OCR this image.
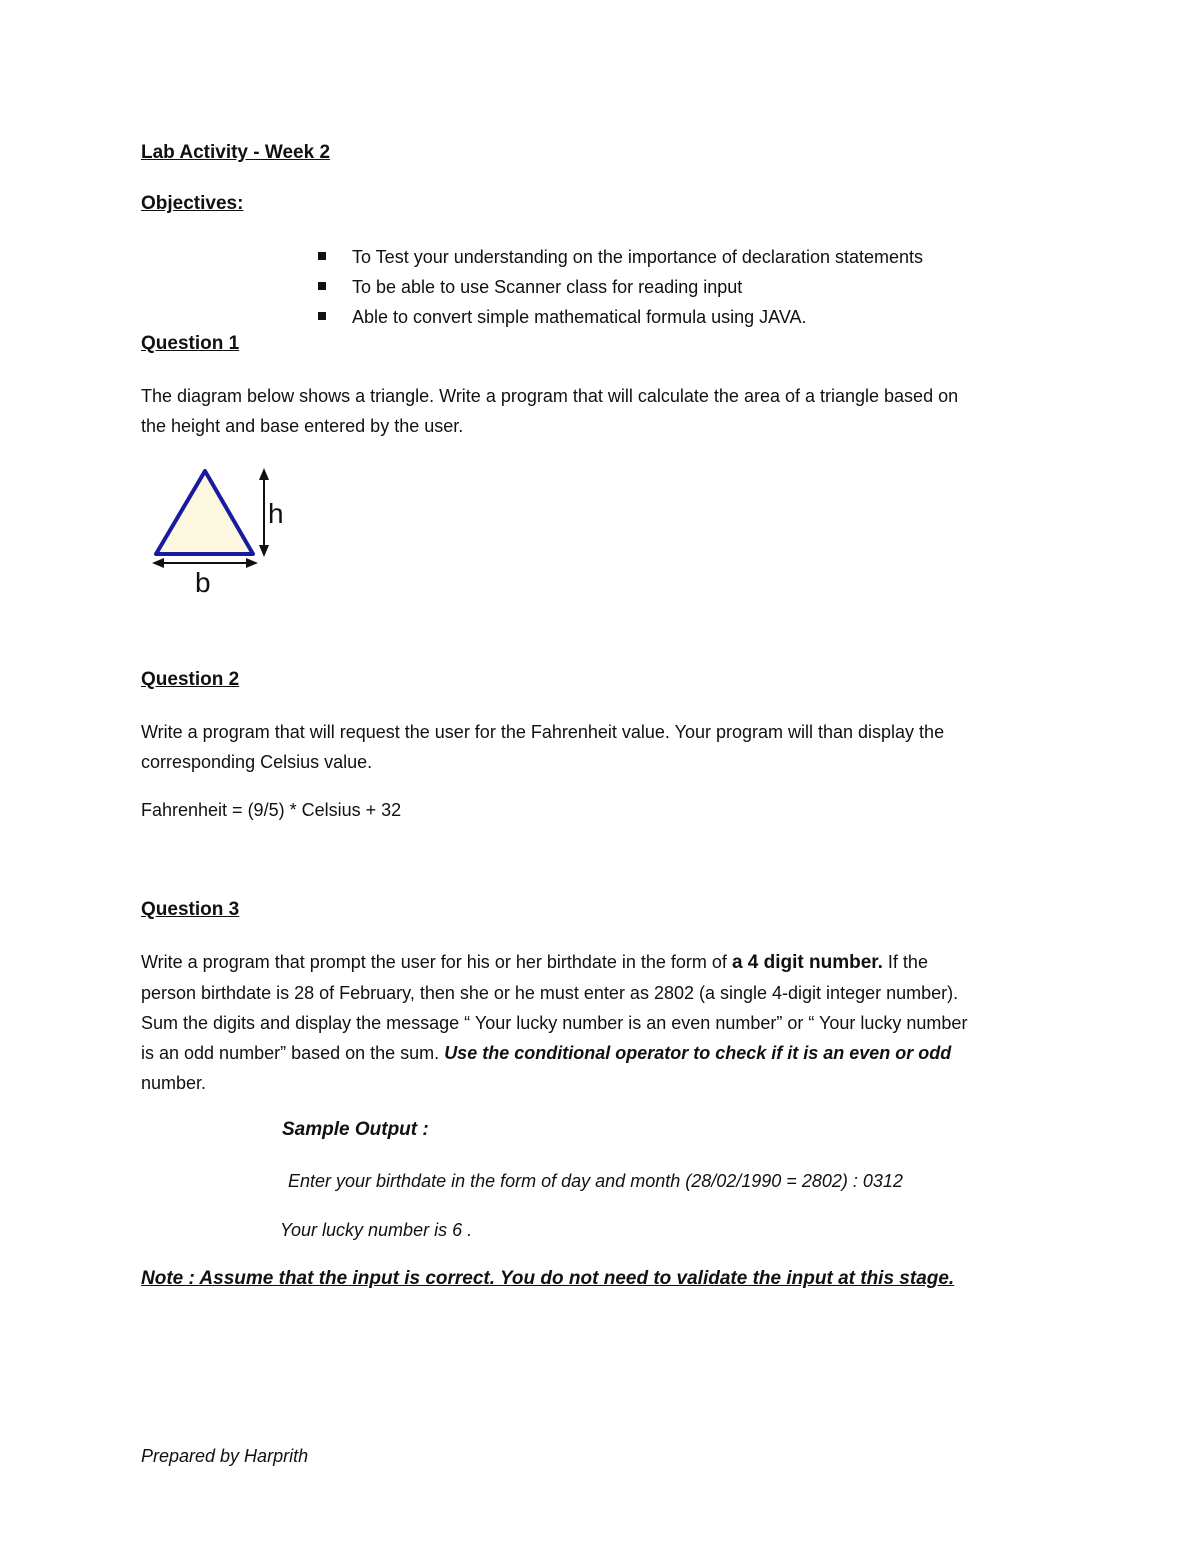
Lab Activity - Week 2
Objectives:
To Test your understanding on the importance of declaration statements
To be able to use Scanner class for reading input
Able to convert simple mathematical formula using JAVA.
Question 1
The diagram below shows a triangle. Write a program that will calculate the area of a triangle based on
the height and base entered by the user.
h
b
Question 2
Write a program that will request the user for the Fahrenheit value. Your program will than display the
corresponding Celsius value.
Fahrenheit = (9/5) * Celsius + 32
Question 3
Write a program that prompt the user for his or her birthdate in the form of a 4 digit number. If the
person birthdate is 28 of February, then she or he must enter as 2802 (a single 4-digit integer number).
Sum the digits and display the message “ Your lucky number is an even number” or “ Your lucky number
is an odd number” based on the sum. Use the conditional operator to check if it is an even or odd
number.
Sample Output :
Enter your birthdate in the form of day and month (28/02/1990 = 2802) : 0312
Your lucky number is 6 .
Note : Assume that the input is correct. You do not need to validate the input at this stage.
Prepared by Harprith
